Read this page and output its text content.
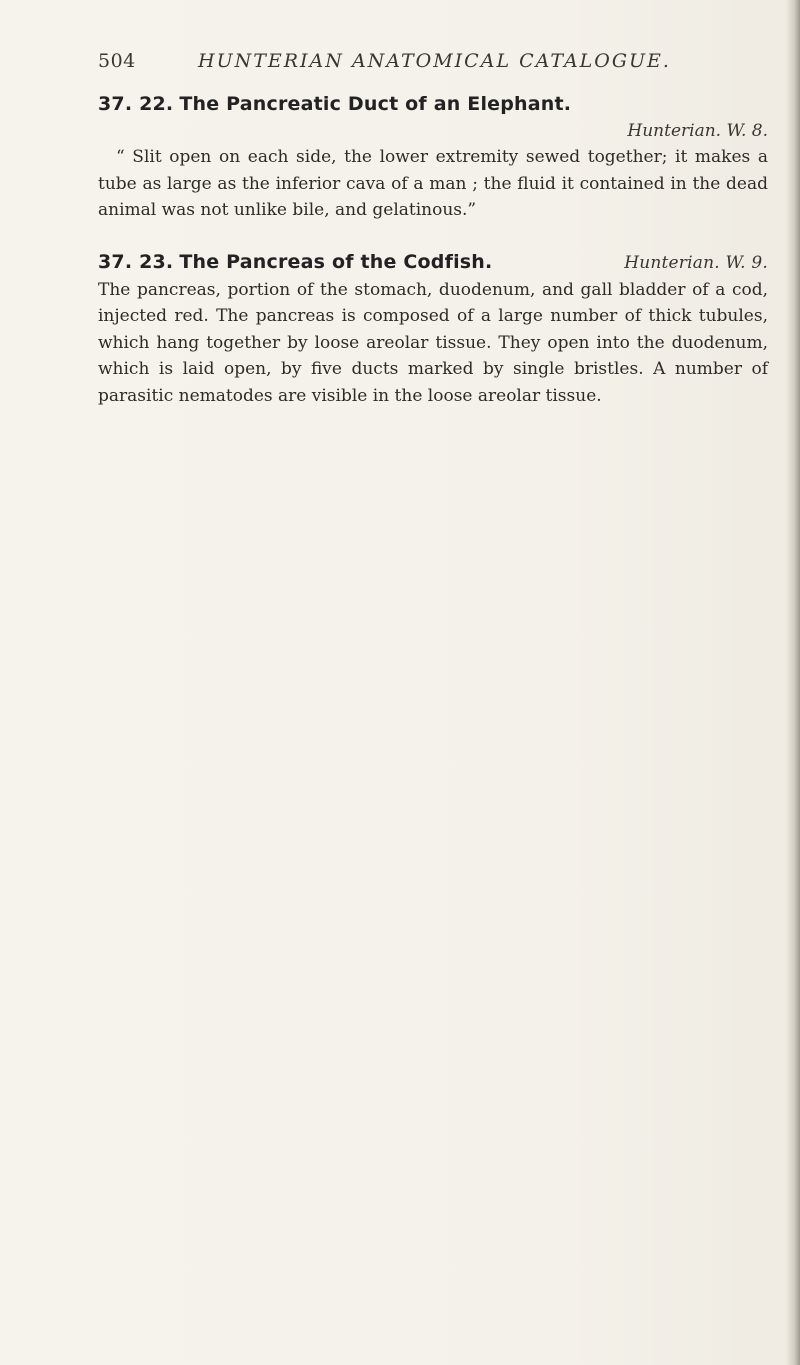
504	HUNTERIAN ANATOMICAL CATALOGUE.
37. 22. The Pancreatic Duct of an Elephant.
Hunterian. W. 8.

“ Slit open on each side, the lower extremity sewed together; it makes a tube as large as the inferior cava of a man ; the fluid it contained in the dead animal was not unlike bile, and gelatinous.”

37. 23. The Pancreas of the Codfish.	Hunterian. W. 9.

The pancreas, portion of the stomach, duodenum, and gall bladder of a cod, injected red. The pancreas is composed of a large number of thick tubules, which hang together by loose areolar tissue. They open into the duodenum, which is laid open, by five ducts marked by single bristles. A number of parasitic nematodes are visible in the loose areolar tissue.
